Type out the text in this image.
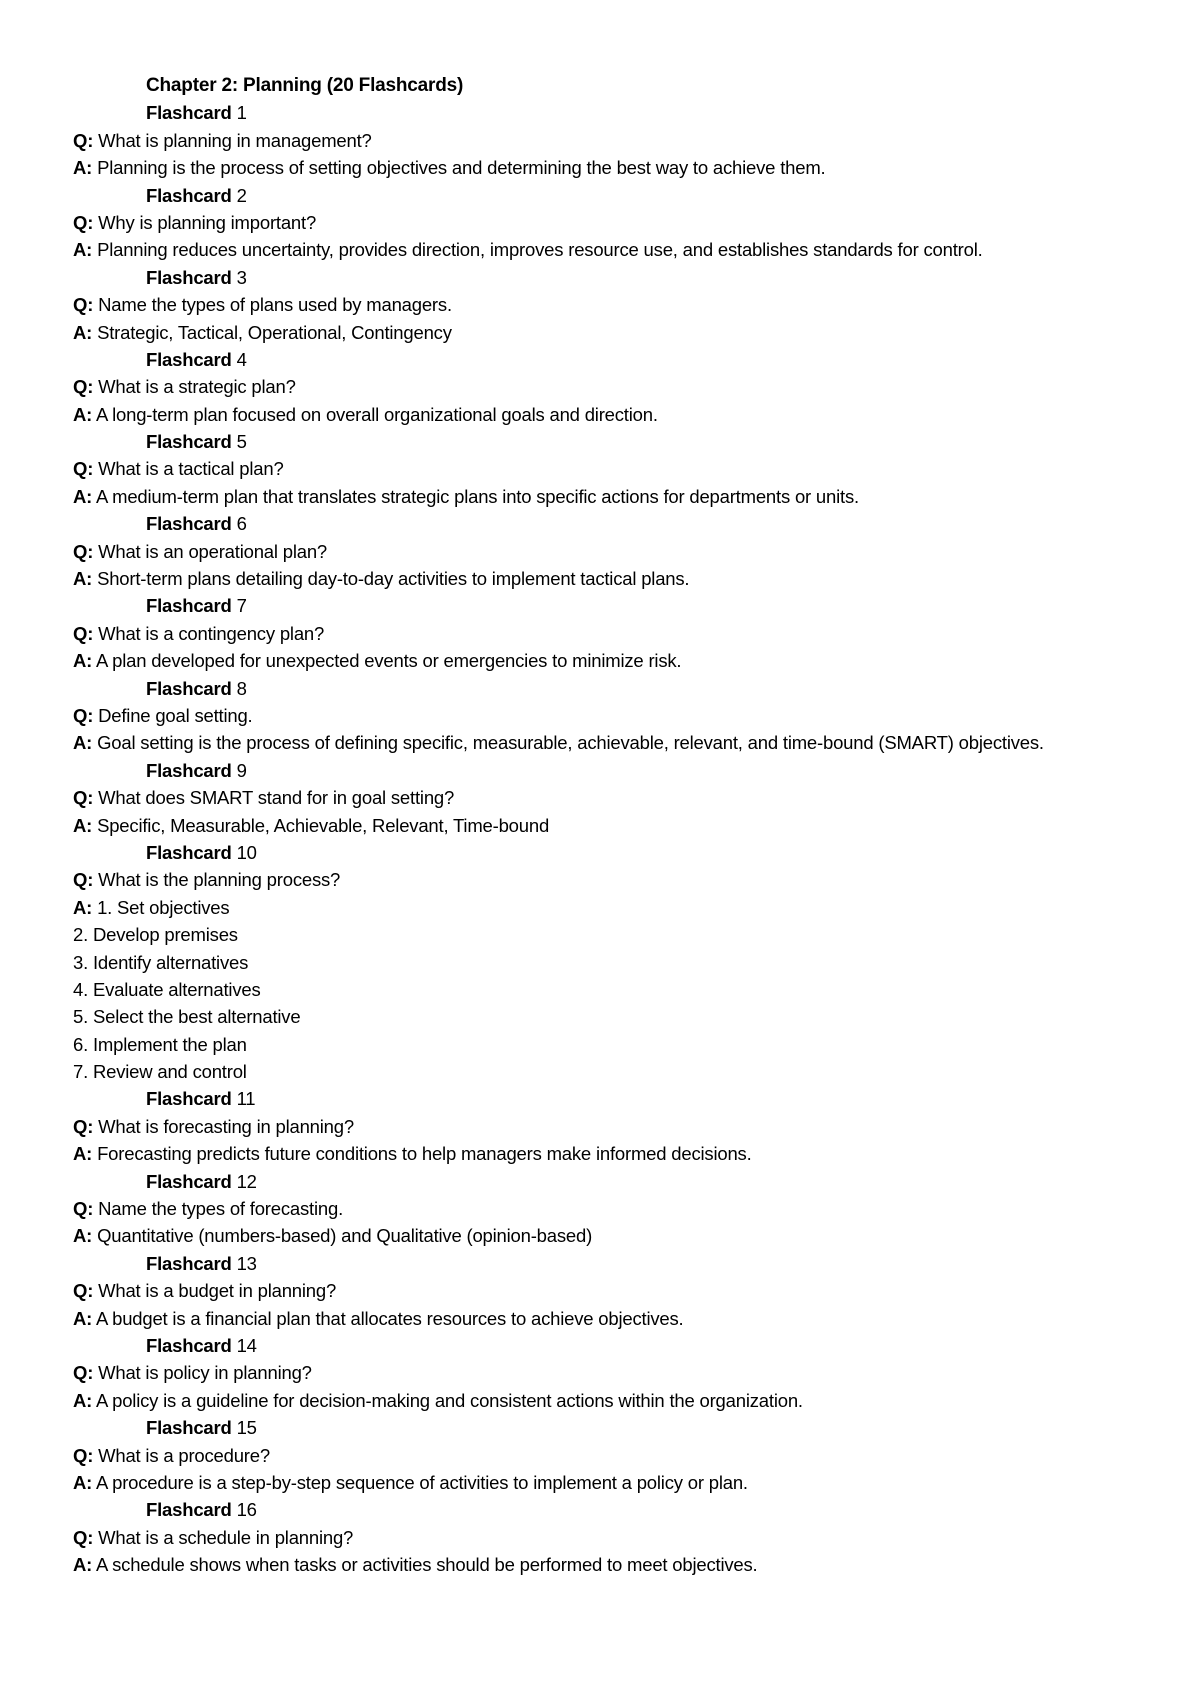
Chapter 2: Planning (20 Flashcards)
Flashcard 1
Q: What is planning in management?
A: Planning is the process of setting objectives and determining the best way to achieve them.
Flashcard 2
Q: Why is planning important?
A: Planning reduces uncertainty, provides direction, improves resource use, and establishes standards for control.
Flashcard 3
Q: Name the types of plans used by managers.
A: Strategic, Tactical, Operational, Contingency
Flashcard 4
Q: What is a strategic plan?
A: A long-term plan focused on overall organizational goals and direction.
Flashcard 5
Q: What is a tactical plan?
A: A medium-term plan that translates strategic plans into specific actions for departments or units.
Flashcard 6
Q: What is an operational plan?
A: Short-term plans detailing day-to-day activities to implement tactical plans.
Flashcard 7
Q: What is a contingency plan?
A: A plan developed for unexpected events or emergencies to minimize risk.
Flashcard 8
Q: Define goal setting.
A: Goal setting is the process of defining specific, measurable, achievable, relevant, and time-bound (SMART) objectives.
Flashcard 9
Q: What does SMART stand for in goal setting?
A: Specific, Measurable, Achievable, Relevant, Time-bound
Flashcard 10
Q: What is the planning process?
A: 1. Set objectives
2. Develop premises
3. Identify alternatives
4. Evaluate alternatives
5. Select the best alternative
6. Implement the plan
7. Review and control
Flashcard 11
Q: What is forecasting in planning?
A: Forecasting predicts future conditions to help managers make informed decisions.
Flashcard 12
Q: Name the types of forecasting.
A: Quantitative (numbers-based) and Qualitative (opinion-based)
Flashcard 13
Q: What is a budget in planning?
A: A budget is a financial plan that allocates resources to achieve objectives.
Flashcard 14
Q: What is policy in planning?
A: A policy is a guideline for decision-making and consistent actions within the organization.
Flashcard 15
Q: What is a procedure?
A: A procedure is a step-by-step sequence of activities to implement a policy or plan.
Flashcard 16
Q: What is a schedule in planning?
A: A schedule shows when tasks or activities should be performed to meet objectives.
